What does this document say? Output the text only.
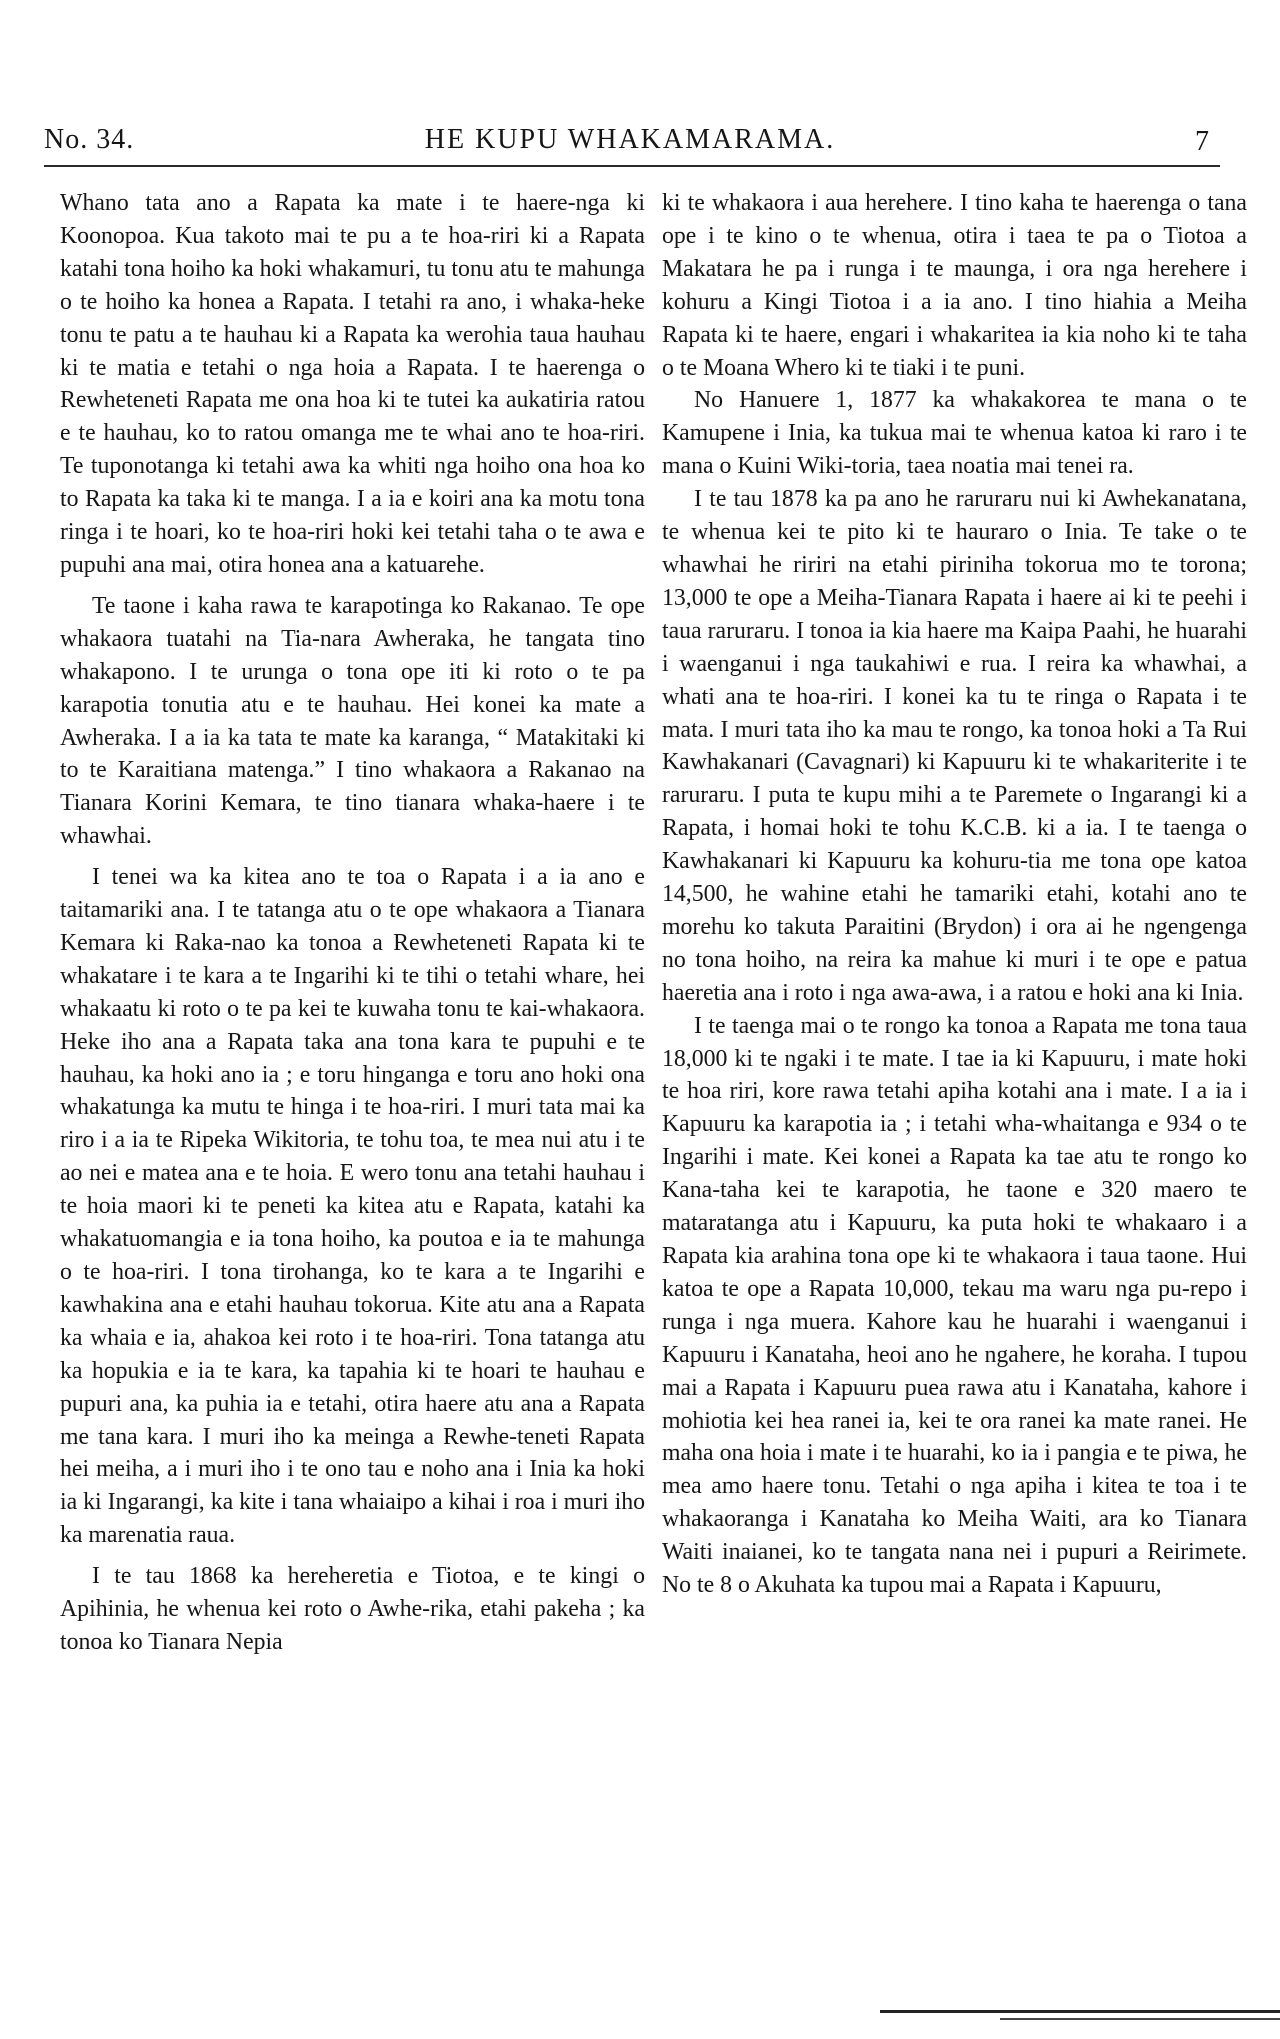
No. 34.	HE KUPU WHAKAMARAMA.	7

Whano tata ano a Rapata ka mate i te haere-nga ki Koonopoa. Kua takoto mai te pu a te hoa-riri ki a Rapata katahi tona hoiho ka hoki whakamuri, tu tonu atu te mahunga o te hoiho ka honea a Rapata. I tetahi ra ano, i whaka-heke tonu te patu a te hauhau ki a Rapata ka werohia taua hauhau ki te matia e tetahi o nga hoia a Rapata. I te haerenga o Rewheteneti Rapata me ona hoa ki te tutei ka aukatiria ratou e te hauhau, ko to ratou omanga me te whai ano te hoa-riri. Te tuponotanga ki tetahi awa ka whiti nga hoiho ona hoa ko to Rapata ka taka ki te manga. I a ia e koiri ana ka motu tona ringa i te hoari, ko te hoa-riri hoki kei tetahi taha o te awa e pupuhi ana mai, otira honea ana a katuarehe.

Te taone i kaha rawa te karapotinga ko Rakanao. Te ope whakaora tuatahi na Tia-nara Awheraka, he tangata tino whakapono. I te urunga o tona ope iti ki roto o te pa karapotia tonutia atu e te hauhau. Hei konei ka mate a Awheraka. I a ia ka tata te mate ka karanga, “ Matakitaki ki to te Karaitiana matenga.” I tino whakaora a Rakanao na Tianara Korini Kemara, te tino tianara whaka-haere i te whawhai.

I tenei wa ka kitea ano te toa o Rapata i a ia ano e taitamariki ana. I te tatanga atu o te ope whakaora a Tianara Kemara ki Raka-nao ka tonoa a Rewheteneti Rapata ki te whakatare i te kara a te Ingarihi ki te tihi o tetahi whare, hei whakaatu ki roto o te pa kei te kuwaha tonu te kai-whakaora. Heke iho ana a Rapata taka ana tona kara te pupuhi e te hauhau, ka hoki ano ia ; e toru hinganga e toru ano hoki ona whakatunga ka mutu te hinga i te hoa-riri. I muri tata mai ka riro i a ia te Ripeka Wikitoria, te tohu toa, te mea nui atu i te ao nei e matea ana e te hoia. E wero tonu ana tetahi hauhau i te hoia maori ki te peneti ka kitea atu e Rapata, katahi ka whakatuomangia e ia tona hoiho, ka poutoa e ia te mahunga o te hoa-riri. I tona tirohanga, ko te kara a te Ingarihi e kawhakina ana e etahi hauhau tokorua. Kite atu ana a Rapata ka whaia e ia, ahakoa kei roto i te hoa-riri. Tona tatanga atu ka hopukia e ia te kara, ka tapahia ki te hoari te hauhau e pupuri ana, ka puhia ia e tetahi, otira haere atu ana a Rapata me tana kara. I muri iho ka meinga a Rewhe-teneti Rapata hei meiha, a i muri iho i te ono tau e noho ana i Inia ka hoki ia ki Ingarangi, ka kite i tana whaiaipo a kihai i roa i muri iho ka marenatia raua.

I te tau 1868 ka hereheretia e Tiotoa, e te kingi o Apihinia, he whenua kei roto o Awhe-rika, etahi pakeha ; ka tonoa ko Tianara Nepia

ki te whakaora i aua herehere. I tino kaha te haerenga o tana ope i te kino o te whenua, otira i taea te pa o Tiotoa a Makatara he pa i runga i te maunga, i ora nga herehere i kohuru a Kingi Tiotoa i a ia ano. I tino hiahia a Meiha Rapata ki te haere, engari i whakaritea ia kia noho ki te taha o te Moana Whero ki te tiaki i te puni.

No Hanuere 1, 1877 ka whakakorea te mana o te Kamupene i Inia, ka tukua mai te whenua katoa ki raro i te mana o Kuini Wiki-toria, taea noatia mai tenei ra.

I te tau 1878 ka pa ano he raruraru nui ki Awhekanatana, te whenua kei te pito ki te hauraro o Inia. Te take o te whawhai he ririri na etahi piriniha tokorua mo te torona; 13,000 te ope a Meiha-Tianara Rapata i haere ai ki te peehi i taua raruraru. I tonoa ia kia haere ma Kaipa Paahi, he huarahi i waenganui i nga taukahiwi e rua. I reira ka whawhai, a whati ana te hoa-riri. I konei ka tu te ringa o Rapata i te mata. I muri tata iho ka mau te rongo, ka tonoa hoki a Ta Rui Kawhakanari (Cavagnari) ki Kapuuru ki te whakariterite i te raruraru. I puta te kupu mihi a te Paremete o Ingarangi ki a Rapata, i homai hoki te tohu K.C.B. ki a ia. I te taenga o Kawhakanari ki Kapuuru ka kohuru-tia me tona ope katoa 14,500, he wahine etahi he tamariki etahi, kotahi ano te morehu ko takuta Paraitini (Brydon) i ora ai he ngengenga no tona hoiho, na reira ka mahue ki muri i te ope e patua haeretia ana i roto i nga awa-awa, i a ratou e hoki ana ki Inia.

I te taenga mai o te rongo ka tonoa a Rapata me tona taua 18,000 ki te ngaki i te mate. I tae ia ki Kapuuru, i mate hoki te hoa riri, kore rawa tetahi apiha kotahi ana i mate. I a ia i Kapuuru ka karapotia ia ; i tetahi wha-whaitanga e 934 o te Ingarihi i mate. Kei konei a Rapata ka tae atu te rongo ko Kana-taha kei te karapotia, he taone e 320 maero te mataratanga atu i Kapuuru, ka puta hoki te whakaaro i a Rapata kia arahina tona ope ki te whakaora i taua taone. Hui katoa te ope a Rapata 10,000, tekau ma waru nga pu-repo i runga i nga muera. Kahore kau he huarahi i waenganui i Kapuuru i Kanataha, heoi ano he ngahere, he koraha. I tupou mai a Rapata i Kapuuru puea rawa atu i Kanataha, kahore i mohiotia kei hea ranei ia, kei te ora ranei ka mate ranei. He maha ona hoia i mate i te huarahi, ko ia i pangia e te piwa, he mea amo haere tonu. Tetahi o nga apiha i kitea te toa i te whakaoranga i Kanataha ko Meiha Waiti, ara ko Tianara Waiti inaianei, ko te tangata nana nei i pupuri a Reirimete. No te 8 o Akuhata ka tupou mai a Rapata i Kapuuru,
